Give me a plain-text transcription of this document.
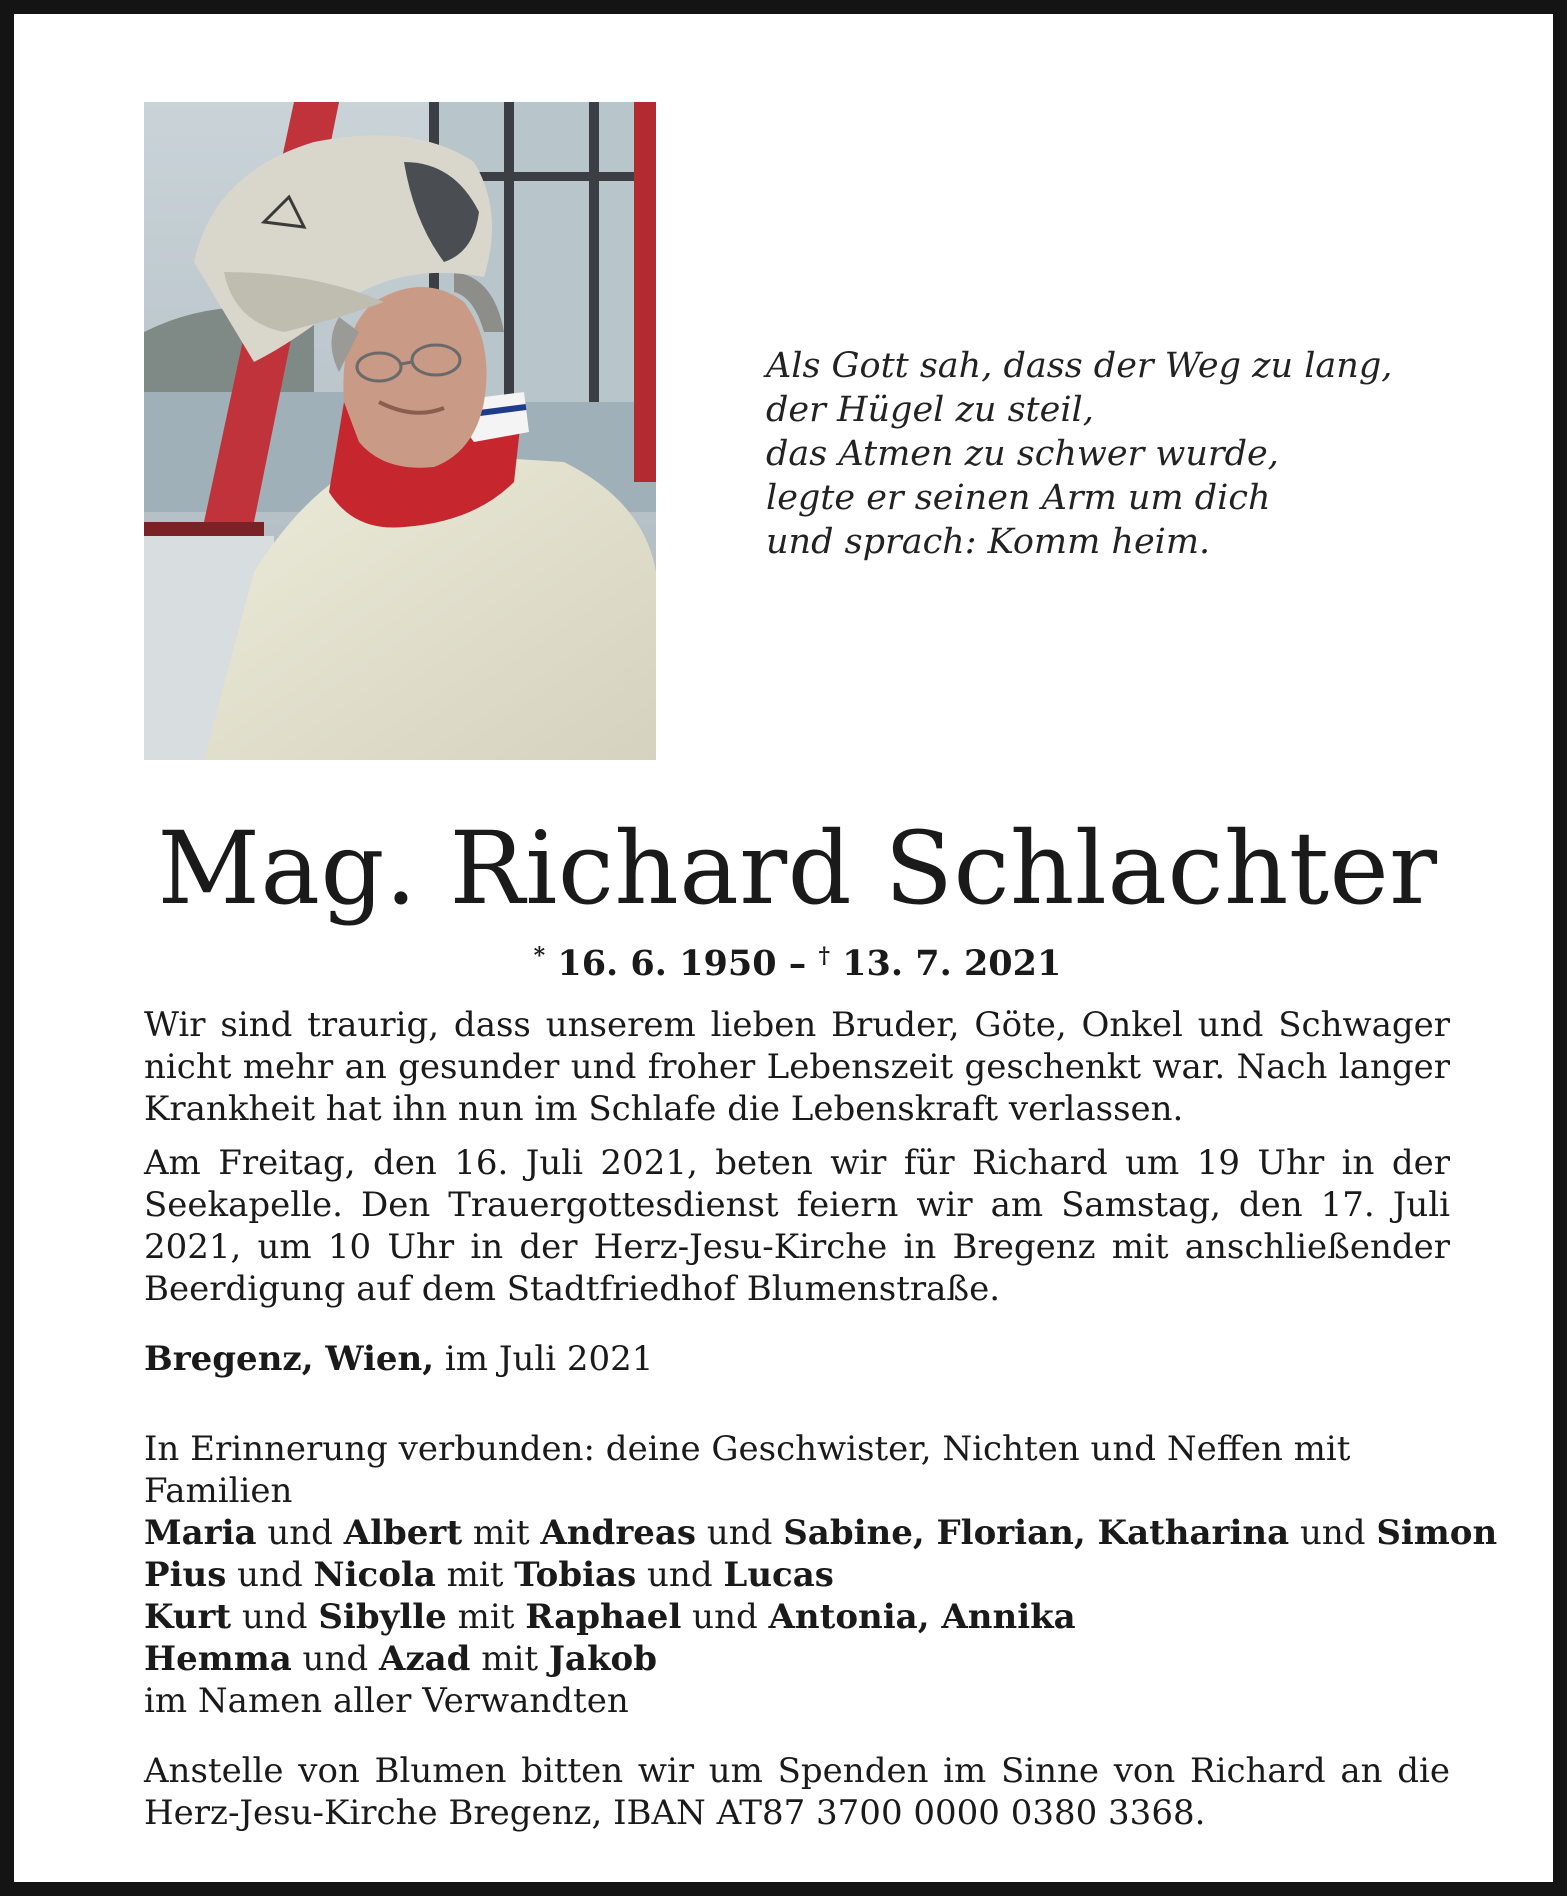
Als Gott sah, dass der Weg zu lang,
der Hügel zu steil,
das Atmen zu schwer wurde,
legte er seinen Arm um dich
und sprach: Komm heim.
Mag. Richard Schlachter
* 16. 6. 1950 – † 13. 7. 2021

Wir sind traurig, dass unserem lieben Bruder, Göte, Onkel und Schwager nicht mehr an gesunder und froher Lebenszeit geschenkt war. Nach langer Krankheit hat ihn nun im Schlafe die Lebenskraft verlassen.

Am Freitag, den 16. Juli 2021, beten wir für Richard um 19 Uhr in der Seekapelle. Den Trauergottesdienst feiern wir am Samstag, den 17. Juli 2021, um 10 Uhr in der Herz-Jesu-Kirche in Bregenz mit anschließender Beerdigung auf dem Stadtfriedhof Blumenstraße.

Bregenz, Wien, im Juli 2021
In Erinnerung verbunden: deine Geschwister, Nichten und Neffen mit Familien
Maria und Albert mit Andreas und Sabine, Florian, Katharina und Simon
Pius und Nicola mit Tobias und Lucas
Kurt und Sibylle mit Raphael und Antonia, Annika
Hemma und Azad mit Jakob
im Namen aller Verwandten
Anstelle von Blumen bitten wir um Spenden im Sinne von Richard an die Herz-Jesu-Kirche Bregenz, IBAN AT87 3700 0000 0380 3368.
